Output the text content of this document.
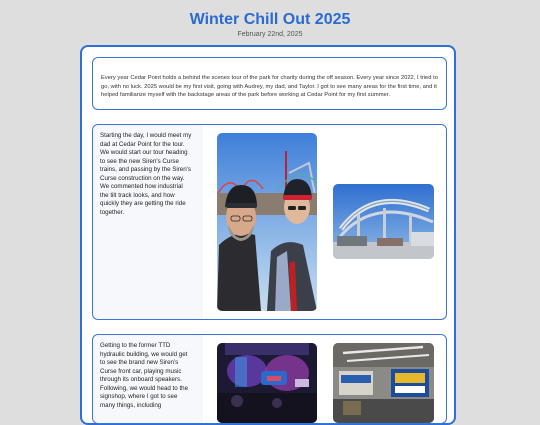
Winter Chill Out 2025
February 22nd, 2025

Every year Cedar Point holds a behind the scenes tour of the park for charity during the off season. Every year since 2022, I tried to go, with no luck. 2025 would be my first visit, going with Audrey, my dad, and Taylor. I got to see many areas for the first time, and it helped familiarize myself with the backstage areas of the park before working at Cedar Point for my first summer.

Starting the day, I would meet my dad at Cedar Point for the tour. We would start our tour heading to see the new Siren's Curse trains, and passing by the Siren's Curse construction on the way. We commented how industrial the tilt track looks, and how quickly they are getting the ride together.

Getting to the former TTD hydraulic building, we would get to see the brand new Siren's Curse front car, playing music through its onboard speakers. Following, we would head to the signshop, where I got to see many things, including
